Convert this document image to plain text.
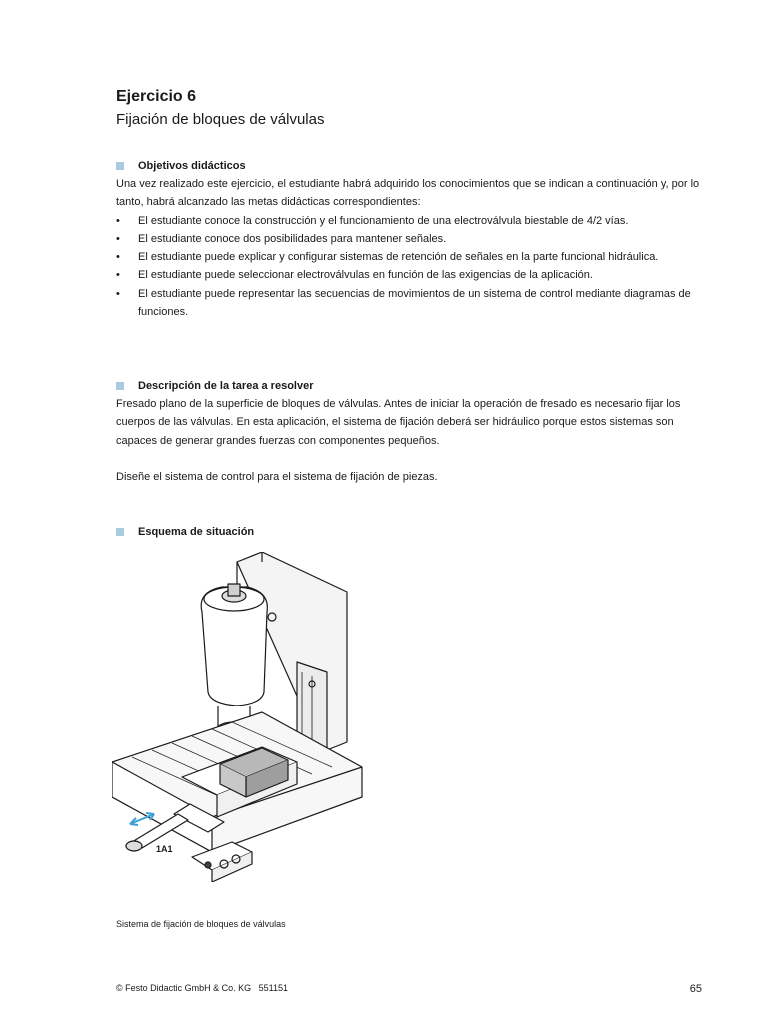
Ejercicio 6
Fijación de bloques de válvulas
Objetivos didácticos

Una vez realizado este ejercicio, el estudiante habrá adquirido los conocimientos que se indican a continuación y, por lo tanto, habrá alcanzado las metas didácticas correspondientes:

• El estudiante conoce la construcción y el funcionamiento de una electroválvula biestable de 4/2 vías.
• El estudiante conoce dos posibilidades para mantener señales.
• El estudiante puede explicar y configurar sistemas de retención de señales en la parte funcional hidráulica.
• El estudiante puede seleccionar electroválvulas en función de las exigencias de la aplicación.
• El estudiante puede representar las secuencias de movimientos de un sistema de control mediante diagramas de funciones.
Descripción de la tarea a resolver

Fresado plano de la superficie de bloques de válvulas. Antes de iniciar la operación de fresado es necesario fijar los cuerpos de las válvulas. En esta aplicación, el sistema de fijación deberá ser hidráulico porque estos sistemas son capaces de generar grandes fuerzas con componentes pequeños.

Diseñe el sistema de control para el sistema de fijación de piezas.

Esquema de situación
1A1
Sistema de fijación de bloques de válvulas
© Festo Didactic GmbH & Co. KG   551151	65
